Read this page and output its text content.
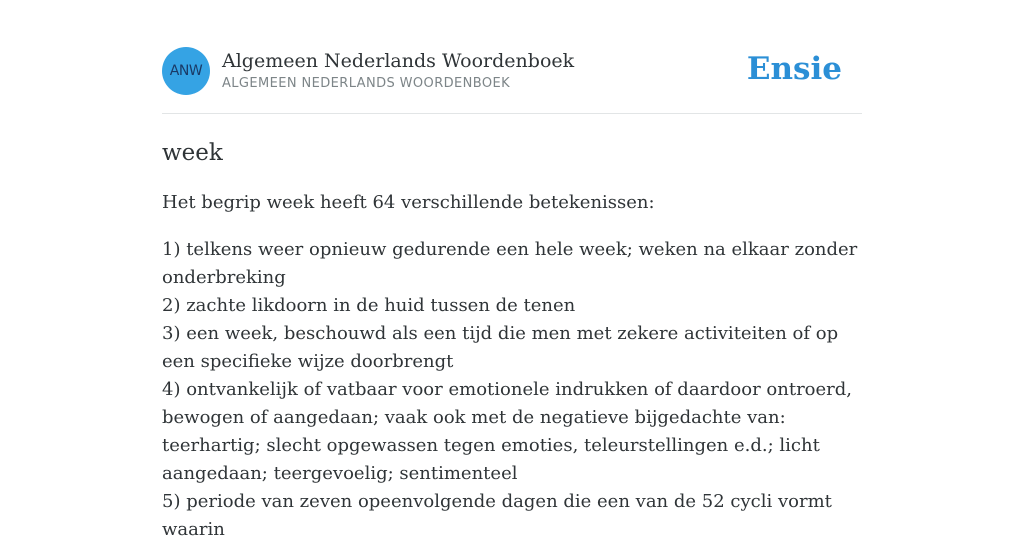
ANW Algemeen Nederlands Woordenboek
ALGEMEEN NEDERLANDS WOORDENBOEK	Ensie
week

Het begrip week heeft 64 verschillende betekenissen:

1) telkens weer opnieuw gedurende een hele week; weken na elkaar zonder onderbreking
2) zachte likdoorn in de huid tussen de tenen
3) een week, beschouwd als een tijd die men met zekere activiteiten of op een specifieke wijze doorbrengt
4) ontvankelijk of vatbaar voor emotionele indrukken of daardoor ontroerd, bewogen of aangedaan; vaak ook met de negatieve bijgedachte van: teerhartig; slecht opgewassen tegen emoties, teleurstellingen e.d.; licht aangedaan; teergevoelig; sentimenteel
5) periode van zeven opeenvolgende dagen die een van de 52 cycli vormt waarin
